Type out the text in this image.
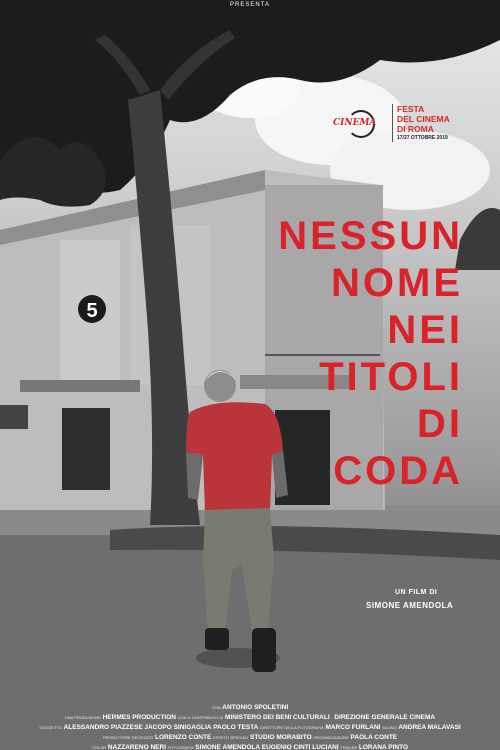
5
PRESENTA
CINEMA
FESTA
DEL CINEMA
DI ROMA
17/27 OTTOBRE 2019
NESSUN
NOME
NEI
TITOLI
DI
CODA
UN FILM DI
SIMONE AMENDOLA
CON ANTONIO SPOLETINI
UNA PRODUZIONE HERMES PRODUCTION CON IL CONTRIBUTO DI MINISTERO DEI BENI CULTURALI - DIREZIONE GENERALE CINEMA
SOGGETTO ALESSANDRO PIAZZESE JACOPO SINIGAGLIA PAOLO TESTA DIRETTORE DELLA FOTOGRAFIA MARCO FURLANI SUONO ANDREA MALAVASI
PRODUTTORE DELEGATO LORENZO CONTE EFFETTI SPECIALI STUDIO MORABITO ORGANIZZAZIONE PAOLA CONTE
COLOR NAZZARENO NERI FOTOGRAFIA SIMONE AMENDOLA EUGENIO CINTI LUCIANI TRAILER LORANA PINTO
